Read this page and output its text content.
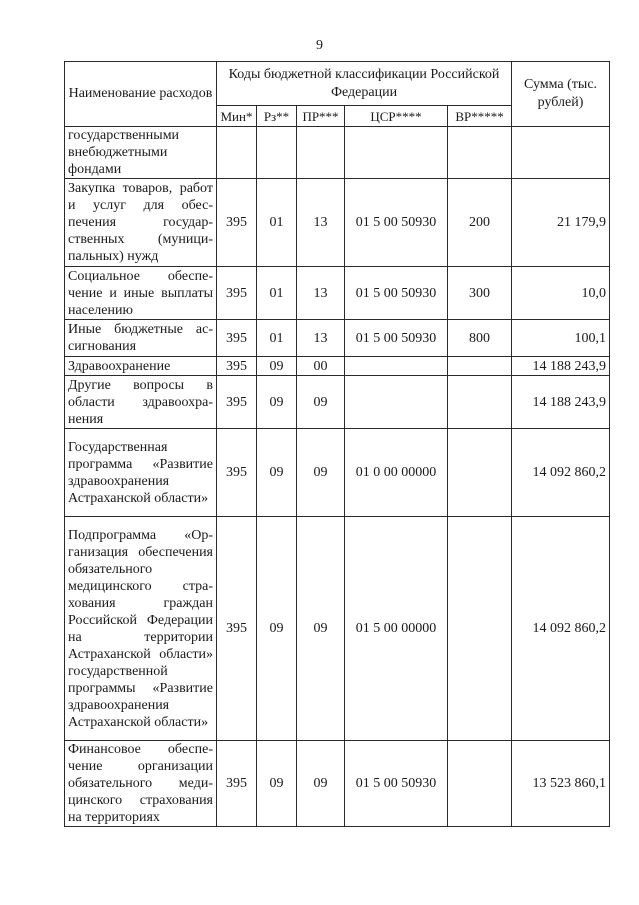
9
Наименование расходов	Коды бюджетной классификации Российской Федерации					Сумма (тыс. рублей)
	Мин*	Рз**	ПР***	ЦСР****	ВР*****	
государственными внебюджетными фондами						
Закупка товаров, работ и услуг для обеспечения государственных (муниципальных) нужд	395	01	13	01 5 00 50930	200	21 179,9
Социальное обеспечение и иные выплаты населению	395	01	13	01 5 00 50930	300	10,0
Иные бюджетные ассигнования	395	01	13	01 5 00 50930	800	100,1
Здравоохранение	395	09	00			14 188 243,9
Другие вопросы в области здравоохранения	395	09	09			14 188 243,9
Государственная программа «Развитие здравоохранения Астраханской области»	395	09	09	01 0 00 00000		14 092 860,2
Подпрограмма «Организация обеспечения обязательного медицинского страхования граждан Российской Федерации на территории Астраханской области» государственной программы «Развитие здравоохранения Астраханской области»	395	09	09	01 5 00 00000		14 092 860,2
Финансовое обеспечение организации обязательного медицинского страхования на территориях	395	09	09	01 5 00 50930		13 523 860,1
